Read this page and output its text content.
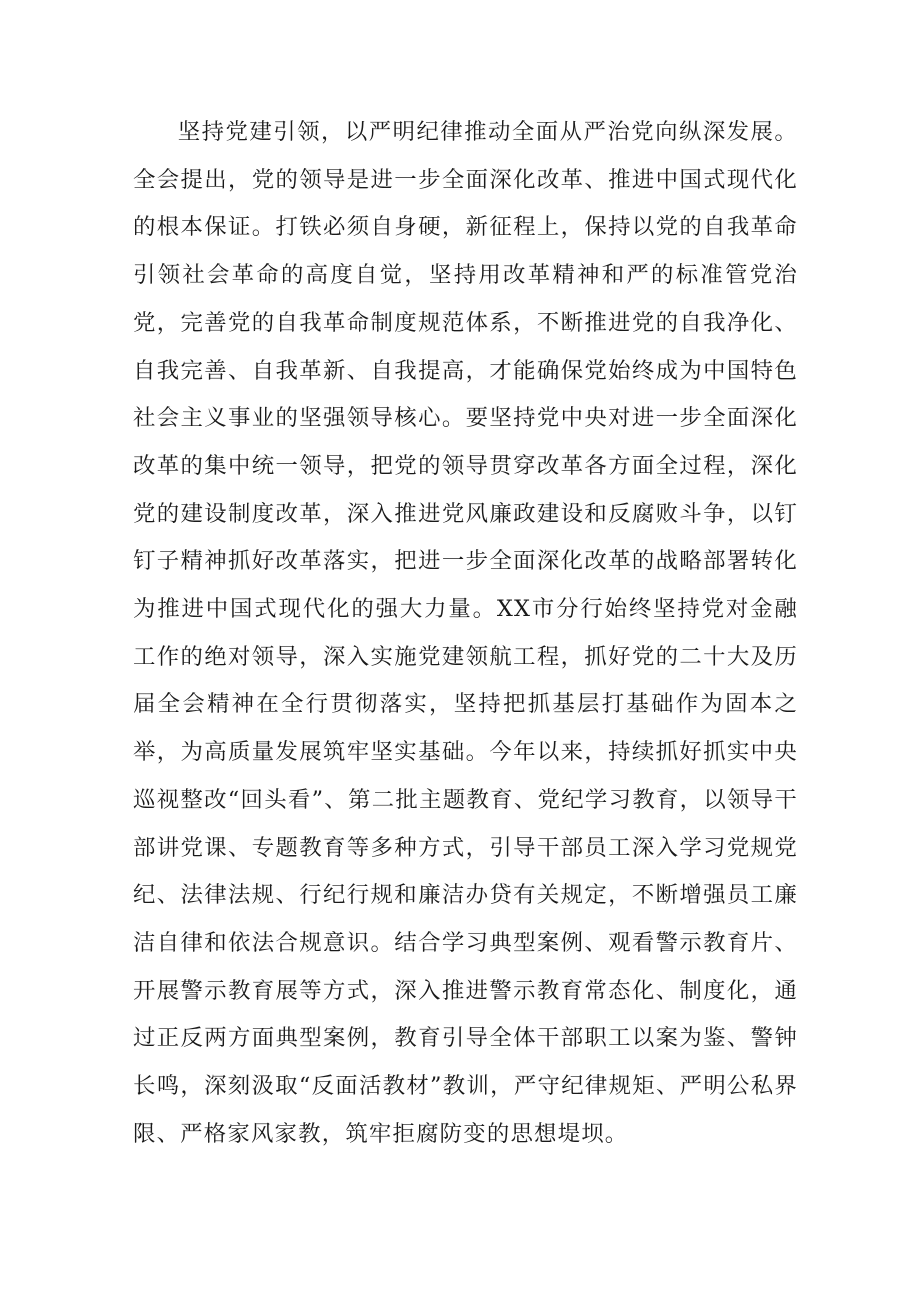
坚持党建引领，以严明纪律推动全面从严治党向纵深发展。全会提出，党的领导是进一步全面深化改革、推进中国式现代化的根本保证。打铁必须自身硬，新征程上，保持以党的自我革命引领社会革命的高度自觉，坚持用改革精神和严的标准管党治党，完善党的自我革命制度规范体系，不断推进党的自我净化、自我完善、自我革新、自我提高，才能确保党始终成为中国特色社会主义事业的坚强领导核心。要坚持党中央对进一步全面深化改革的集中统一领导，把党的领导贯穿改革各方面全过程，深化党的建设制度改革，深入推进党风廉政建设和反腐败斗争，以钉钉子精神抓好改革落实，把进一步全面深化改革的战略部署转化为推进中国式现代化的强大力量。XX市分行始终坚持党对金融工作的绝对领导，深入实施党建领航工程，抓好党的二十大及历届全会精神在全行贯彻落实，坚持把抓基层打基础作为固本之举，为高质量发展筑牢坚实基础。今年以来，持续抓好抓实中央巡视整改“回头看”、第二批主题教育、党纪学习教育，以领导干部讲党课、专题教育等多种方式，引导干部员工深入学习党规党纪、法律法规、行纪行规和廉洁办贷有关规定，不断增强员工廉洁自律和依法合规意识。结合学习典型案例、观看警示教育片、开展警示教育展等方式，深入推进警示教育常态化、制度化，通过正反两方面典型案例，教育引导全体干部职工以案为鉴、警钟长鸣，深刻汲取“反面活教材”教训，严守纪律规矩、严明公私界限、严格家风家教，筑牢拒腐防变的思想堤坝。
